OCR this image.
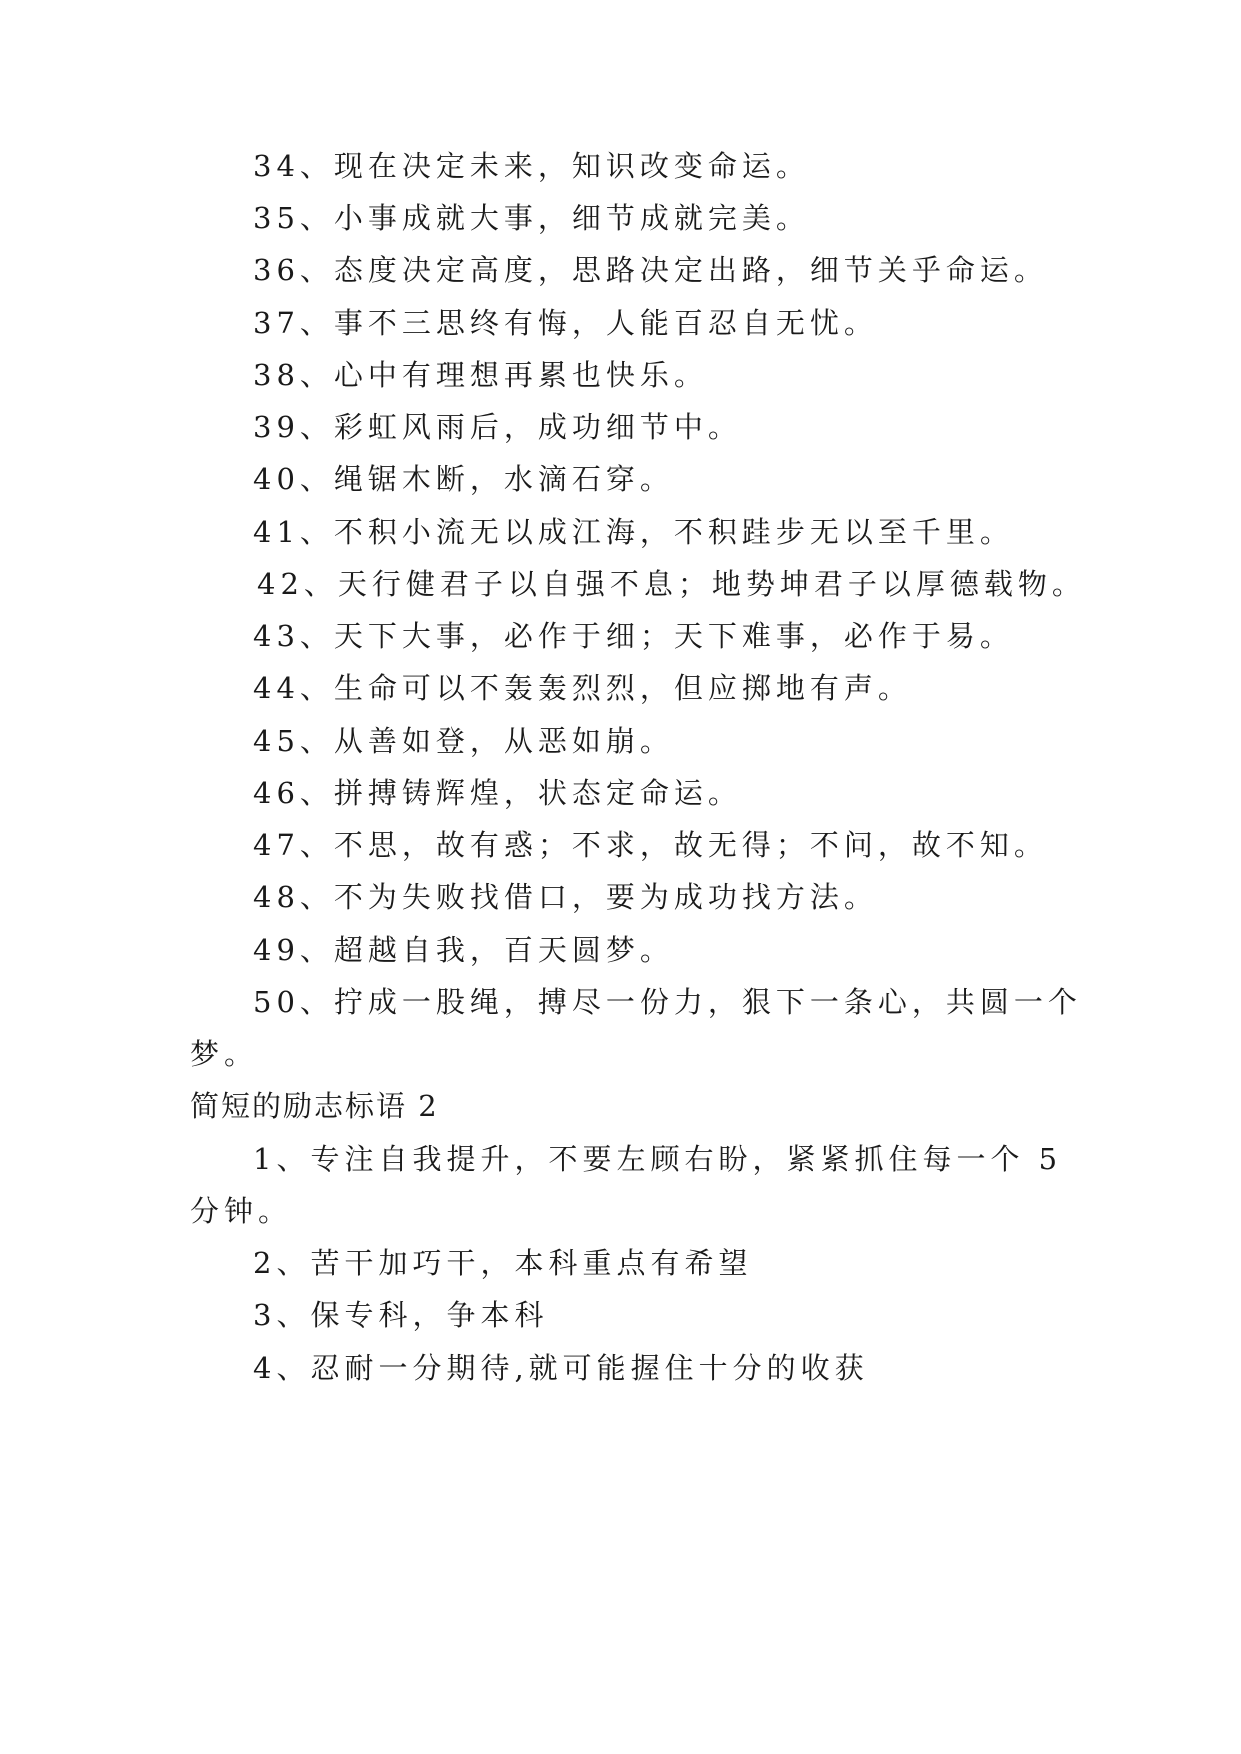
34、现在决定未来，知识改变命运。
35、小事成就大事，细节成就完美。
36、态度决定高度，思路决定出路，细节关乎命运。
37、事不三思终有悔，人能百忍自无忧。
38、心中有理想再累也快乐。
39、彩虹风雨后，成功细节中。
40、绳锯木断，水滴石穿。
41、不积小流无以成江海，不积跬步无以至千里。
42、天行健君子以自强不息；地势坤君子以厚德载物。
43、天下大事，必作于细；天下难事，必作于易。
44、生命可以不轰轰烈烈，但应掷地有声。
45、从善如登，从恶如崩。
46、拼搏铸辉煌，状态定命运。
47、不思，故有惑；不求，故无得；不问，故不知。
48、不为失败找借口，要为成功找方法。
49、超越自我，百天圆梦。
50、拧成一股绳，搏尽一份力，狠下一条心，共圆一个
梦。
简短的励志标语 2
1、专注自我提升，不要左顾右盼，紧紧抓住每一个 5
分钟。
2、苦干加巧干，本科重点有希望
3、保专科，争本科
4、忍耐一分期待,就可能握住十分的收获
